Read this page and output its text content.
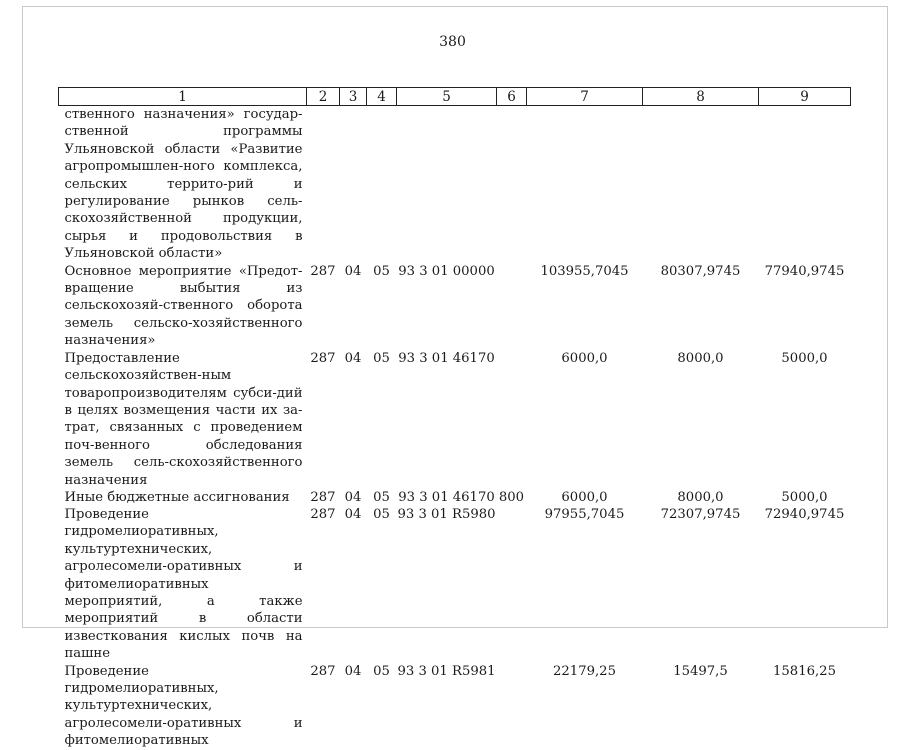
380
1	2	3	4	5	6	7	8	9
ственного назначения» государ-ственной программы Ульяновской области «Развитие агропромышлен-ного комплекса, сельских террито-рий и регулирование рынков сель-скохозяйственной продукции, сырья и продовольствия в Ульяновской области»								
Основное мероприятие «Предот-вращение выбытия из сельскохозяй-ственного оборота земель сельско-хозяйственного назначения»	287	04	05	93 3 01 00000		103955,7045	80307,9745	77940,9745
Предоставление сельскохозяйствен-ным товаропроизводителям субси-дий в целях возмещения части их за-трат, связанных с проведением поч-венного обследования земель сель-скохозяйственного назначения	287	04	05	93 3 01 46170		6000,0	8000,0	5000,0
Иные бюджетные ассигнования	287	04	05	93 3 01 46170	800	6000,0	8000,0	5000,0
Проведение гидромелиоративных, культуртехнических, агролесомели-оративных и фитомелиоративных мероприятий, а также мероприятий в области известкования кислых почв на пашне	287	04	05	93 3 01 R5980		97955,7045	72307,9745	72940,9745
Проведение гидромелиоративных, культуртехнических, агролесомели-оративных и фитомелиоративных	287	04	05	93 3 01 R5981		22179,25	15497,5	15816,25
